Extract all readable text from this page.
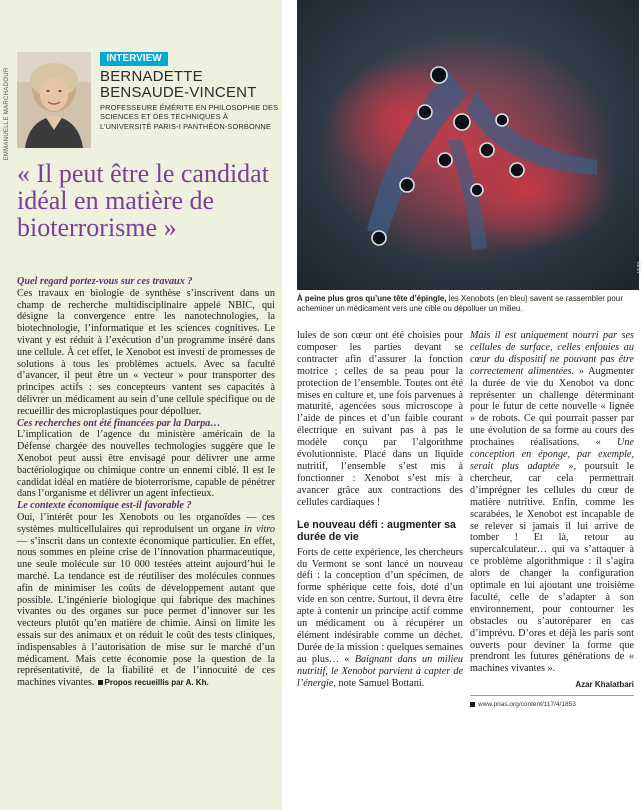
EMMANUELLE MARCHADOUR
INTERVIEW
BERNADETTE
BENSAUDE-VINCENT
PROFESSEURE ÉMÉRITE EN PHILOSOPHIE DES SCIENCES ET DES TECHNIQUES À L’UNIVERSITÉ PARIS-I PANTHÉON-SORBONNE
« Il peut être le candidat idéal en matière de bioterrorisme »

Quel regard portez-vous sur ces travaux ?

Ces travaux en biologie de synthèse s’inscrivent dans un champ de recherche multidisciplinaire appelé NBIC, qui désigne la convergence entre les nanotechnologies, la biotechnologie, l’informatique et les sciences cognitives. Le vivant y est réduit à l’exécution d’un programme inséré dans une cellule. À cet effet, le Xenobot est investi de promesses de solutions à tous les problèmes actuels. Avec sa faculté d’avancer, il peut être un « vecteur » pour transporter des principes actifs : ses concepteurs vantent ses capacités à délivrer un médicament au sein d’une cellule spécifique ou de recueillir des microplastiques pour dépolluer.

Ces recherches ont été financées par la Darpa…

L’implication de l’agence du ministère américain de la Défense chargée des nouvelles technologies suggère que le Xenobot peut aussi être envisagé pour délivrer une arme bactériologique ou chimique contre un ennemi ciblé. Il est le candidat idéal en matière de bioterrorisme, capable de pénétrer dans l’organisme et délivrer un agent infectieux.

Le contexte économique est-il favorable ?

Oui, l’intérêt pour les Xenobots ou les organoïdes — ces systèmes multicellulaires qui reproduisent un organe in vitro — s’inscrit dans un contexte économique particulier. En effet, nous sommes en pleine crise de l’innovation pharmaceutique, une seule molécule sur 10 000 testées atteint aujourd’hui le marché. La tendance est de réutiliser des molécules connues afin de minimiser les coûts de développement autant que possible. L’ingénierie biologique qui fabrique des machines vivantes ou des organes sur puce permet d’innover sur les vecteurs plutôt qu’en matière de chimie. Ainsi on limite les essais sur des animaux et on réduit le coût des tests cliniques, indispensables à l’autorisation de mise sur le marché d’un médicament. Mais cette économie pose la question de la représentativité, de la fiabilité et de l’innocuité de ces machines vivantes. Propos recueillis par A. Kh.

UVM
À peine plus gros qu’une tête d’épingle, les Xenobots (en bleu) savent se rassembler pour acheminer un médicament vers une cible ou dépolluer un milieu.

lules de son cœur ont été choisies pour composer les parties devant se contracter afin d’assurer la fonction motrice ; celles de sa peau pour la protection de l’ensemble. Toutes ont été mises en culture et, une fois parvenues à maturité, agencées sous microscope à l’aide de pinces et d’un faible courant électrique en suivant pas à pas le modèle conçu par l’algorithme évolutionniste. Placé dans un liquide nutritif, l’ensemble s’est mis à fonctionner : Xenobot s’est mis à avancer grâce aux contractions des cellules cardiaques !

Le nouveau défi : augmenter sa durée de vie

Forts de cette expérience, les chercheurs du Vermont se sont lancé un nouveau défi : la conception d’un spécimen, de forme sphérique cette fois, doté d’un vide en son centre. Surtout, il devra être apte à contenir un principe actif comme un médicament ou à récupérer un élément indésirable comme un déchet. Durée de la mission : quelques semaines au plus… « Baignant dans un milieu nutritif, le Xenobot parvient à capter de l’énergie, note Samuel Bottani.

Mais il est uniquement nourri par ses cellules de surface, celles enfouies au cœur du dispositif ne pouvant pas être correctement alimentées. » Augmenter la durée de vie du Xenobot va donc représenter un challenge déterminant pour le futur de cette nouvelle « lignée » de robots. Ce qui pourrait passer par une évolution de sa forme au cours des prochaines réalisations. « Une conception en éponge, par exemple, serait plus adaptée », poursuit le chercheur, car cela permettrait d’imprégner les cellules du cœur de matière nutritive. Enfin, comme les scarabées, le Xenobot est incapable de se relever si jamais il lui arrive de tomber ! Et là, retour au supercalculateur… qui va s’attaquer à ce problème algorithmique : il s’agira alors de changer la configuration optimale en lui ajoutant une troisième faculté, celle de s’adapter à son environnement, pour contourner les obstacles ou s’autoréparer en cas d’imprévu. D’ores et déjà les paris sont ouverts pour deviner la forme que prendront les futures générations de « machines vivantes ».

Azar Khalatbari
www.pnas.org/content/117/4/1853
